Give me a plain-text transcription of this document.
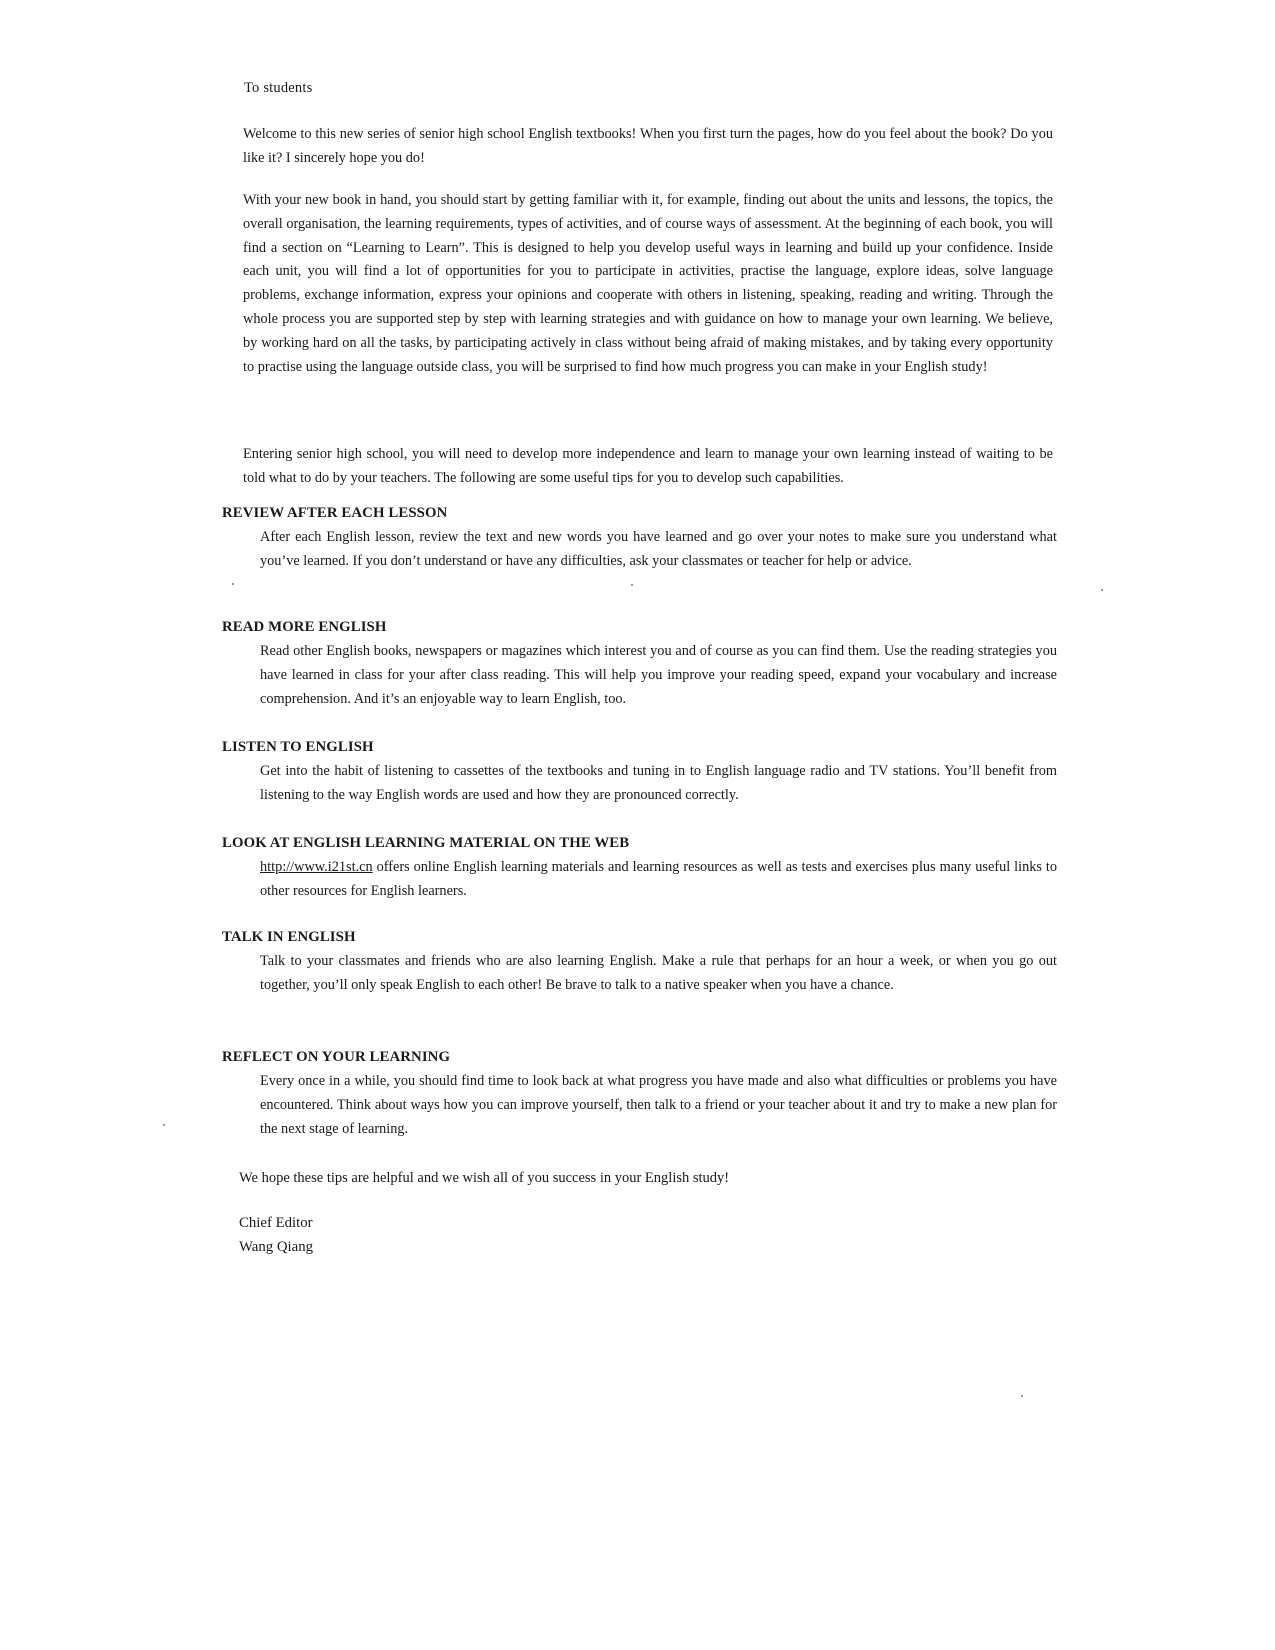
To students

Welcome to this new series of senior high school English textbooks! When you first turn the pages, how do you feel about the book? Do you like it? I sincerely hope you do!

With your new book in hand, you should start by getting familiar with it, for example, finding out about the units and lessons, the topics, the overall organisation, the learning requirements, types of activities, and of course ways of assessment. At the beginning of each book, you will find a section on “Learning to Learn”. This is designed to help you develop useful ways in learning and build up your confidence. Inside each unit, you will find a lot of opportunities for you to participate in activities, practise the language, explore ideas, solve language problems, exchange information, express your opinions and cooperate with others in listening, speaking, reading and writing. Through the whole process you are supported step by step with learning strategies and with guidance on how to manage your own learning. We believe, by working hard on all the tasks, by participating actively in class without being afraid of making mistakes, and by taking every opportunity to practise using the language outside class, you will be surprised to find how much progress you can make in your English study!

Entering senior high school, you will need to develop more independence and learn to manage your own learning instead of waiting to be told what to do by your teachers. The following are some useful tips for you to develop such capabilities.

REVIEW AFTER EACH LESSON

After each English lesson, review the text and new words you have learned and go over your notes to make sure you understand what you’ve learned. If you don’t understand or have any difficulties, ask your classmates or teacher for help or advice.

READ MORE ENGLISH

Read other English books, newspapers or magazines which interest you and of course as you can find them. Use the reading strategies you have learned in class for your after class reading. This will help you improve your reading speed, expand your vocabulary and increase comprehension. And it’s an enjoyable way to learn English, too.

LISTEN TO ENGLISH

Get into the habit of listening to cassettes of the textbooks and tuning in to English language radio and TV stations. You’ll benefit from listening to the way English words are used and how they are pronounced correctly.

LOOK AT ENGLISH LEARNING MATERIAL ON THE WEB

http://www.i21st.cn offers online English learning materials and learning resources as well as tests and exercises plus many useful links to other resources for English learners.

TALK IN ENGLISH

Talk to your classmates and friends who are also learning English. Make a rule that perhaps for an hour a week, or when you go out together, you’ll only speak English to each other! Be brave to talk to a native speaker when you have a chance.

REFLECT ON YOUR LEARNING

Every once in a while, you should find time to look back at what progress you have made and also what difficulties or problems you have encountered. Think about ways how you can improve yourself, then talk to a friend or your teacher about it and try to make a new plan for the next stage of learning.

We hope these tips are helpful and we wish all of you success in your English study!

Chief Editor
Wang Qiang
